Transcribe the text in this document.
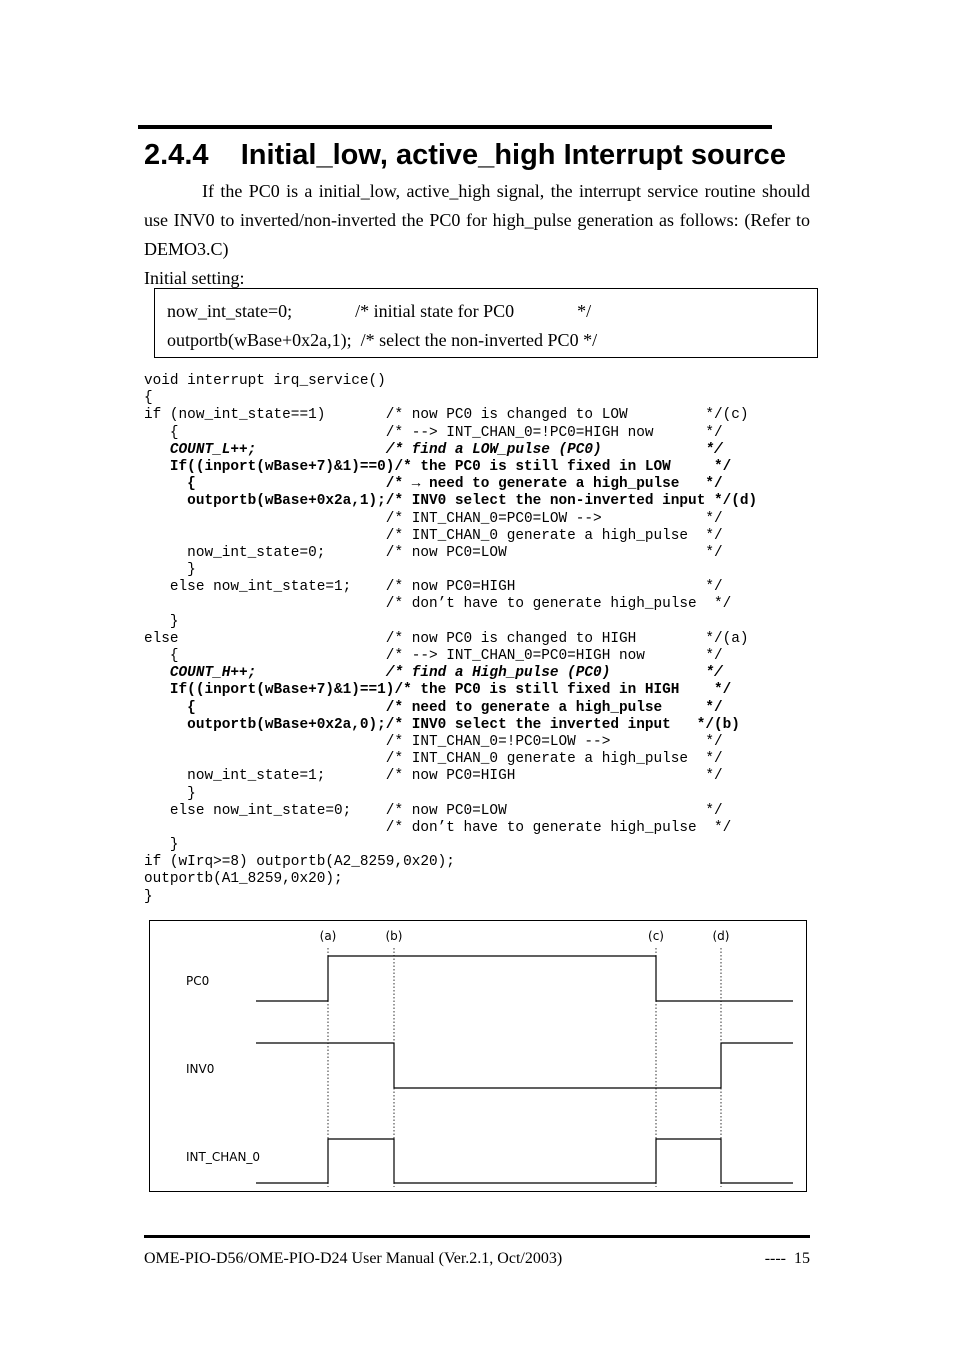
2.4.4 Initial_low, active_high Interrupt source

If the PC0 is a initial_low, active_high signal, the interrupt service routine should use INV0 to inverted/non-inverted the PC0 for high_pulse generation as follows: (Refer to DEMO3.C)

Initial setting:
now_int_state=0;              /* initial state for PC0              */
outportb(wBase+0x2a,1);  /* select the non-inverted PC0 */
void interrupt irq_service()
{
if (now_int_state==1)       /* now PC0 is changed to LOW         */(c)
{                        /* --> INT_CHAN_0=!PC0=HIGH now      */
COUNT_L++;               /* find a LOW_pulse (PC0)            */
If((inport(wBase+7)&1)==0)/* the PC0 is still fixed in LOW     */
{                      /* → need to generate a high_pulse   */
outportb(wBase+0x2a,1);/* INV0 select the non-inverted input */(d)
/* INT_CHAN_0=PC0=LOW -->            */
/* INT_CHAN_0 generate a high_pulse  */
now_int_state=0;       /* now PC0=LOW                       */
}
else now_int_state=1;    /* now PC0=HIGH                      */
/* don’t have to generate high_pulse  */
}
else                        /* now PC0 is changed to HIGH        */(a)
{                        /* --> INT_CHAN_0=PC0=HIGH now       */
COUNT_H++;               /* find a High_pulse (PC0)           */
If((inport(wBase+7)&1)==1)/* the PC0 is still fixed in HIGH    */
{                      /* need to generate a high_pulse     */
outportb(wBase+0x2a,0);/* INV0 select the inverted input   */(b)
/* INT_CHAN_0=!PC0=LOW -->           */
/* INT_CHAN_0 generate a high_pulse  */
now_int_state=1;       /* now PC0=HIGH                      */
}
else now_int_state=0;    /* now PC0=LOW                       */
/* don’t have to generate high_pulse  */
}
if (wIrq>=8) outportb(A2_8259,0x20);
outportb(A1_8259,0x20);
}
(a)	(b)	(c)	(d)
PC0
INV0
INT_CHAN_0
OME-PIO-D56/OME-PIO-D24 User Manual (Ver.2.1, Oct/2003)	----  15
